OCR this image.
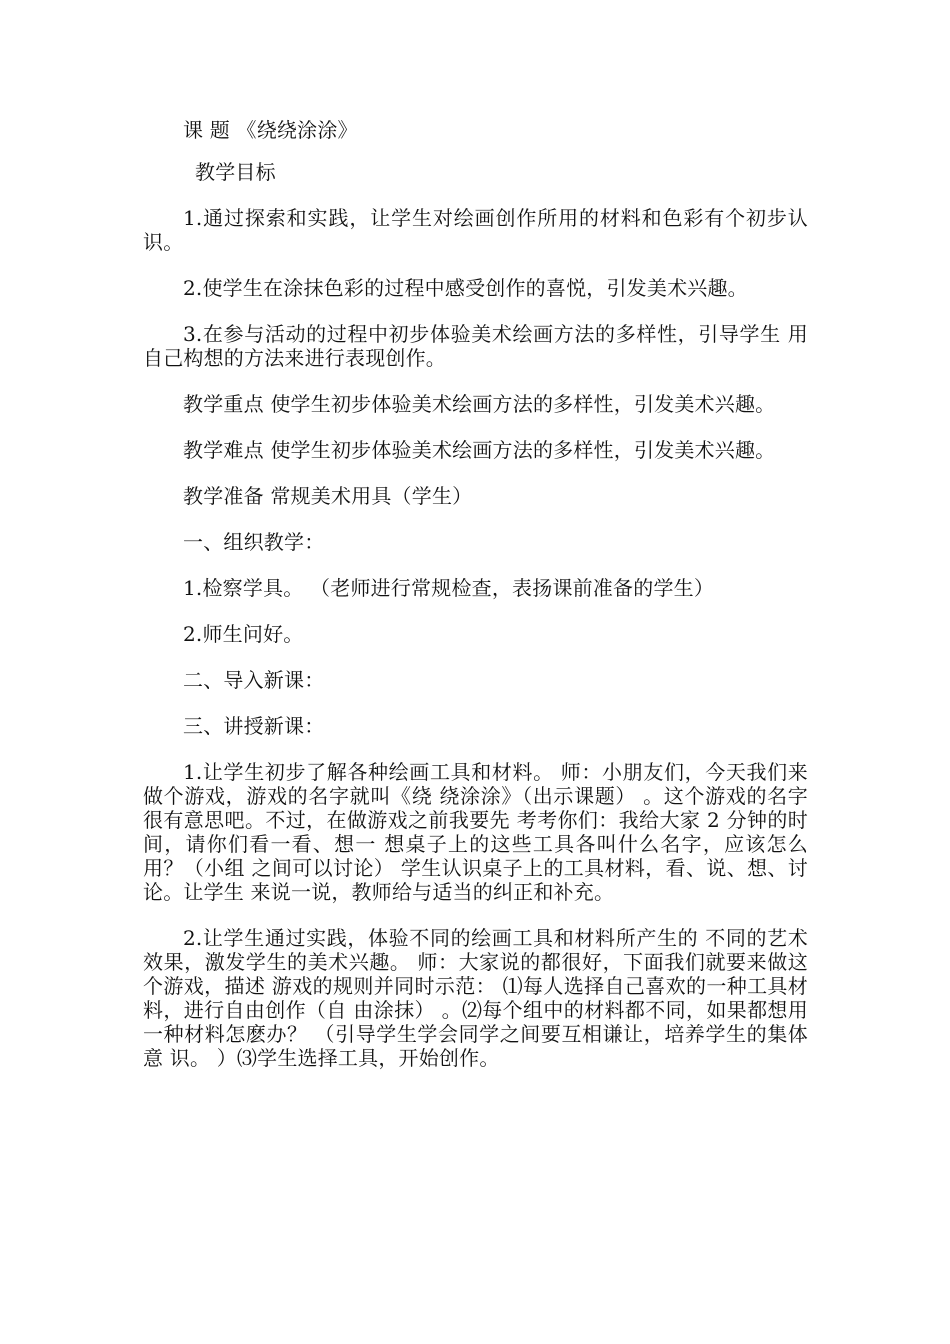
课 题 《绕绕涂涂》

教学目标

1.通过探索和实践，让学生对绘画创作所用的材料和色彩有个初步认识。

2.使学生在涂抹色彩的过程中感受创作的喜悦，引发美术兴趣。

3.在参与活动的过程中初步体验美术绘画方法的多样性，引导学生 用自己构想的方法来进行表现创作。

教学重点 使学生初步体验美术绘画方法的多样性，引发美术兴趣。

教学难点 使学生初步体验美术绘画方法的多样性，引发美术兴趣。

教学准备 常规美术用具（学生）

一、组织教学：

1.检察学具。 （老师进行常规检查，表扬课前准备的学生）

2.师生问好。

二、导入新课：

三、讲授新课：

1.让学生初步了解各种绘画工具和材料。 师：小朋友们，今天我们来做个游戏，游戏的名字就叫《绕 绕涂涂》（出示课题） 。这个游戏的名字很有意思吧。不过，在做游戏之前我要先 考考你们：我给大家 2 分钟的时间，请你们看一看、想一 想桌子上的这些工具各叫什么名字，应该怎么用？（小组 之间可以讨论） 学生认识桌子上的工具材料，看、说、想、讨论。让学生 来说一说，教师给与适当的纠正和补充。

2.让学生通过实践，体验不同的绘画工具和材料所产生的 不同的艺术效果，激发学生的美术兴趣。 师：大家说的都很好，下面我们就要来做这个游戏，描述 游戏的规则并同时示范： ⑴每人选择自己喜欢的一种工具材料，进行自由创作（自 由涂抹） 。⑵每个组中的材料都不同，如果都想用一种材料怎麽办？ （引导学生学会同学之间要互相谦让，培养学生的集体意 识。 ）⑶学生选择工具，开始创作。
